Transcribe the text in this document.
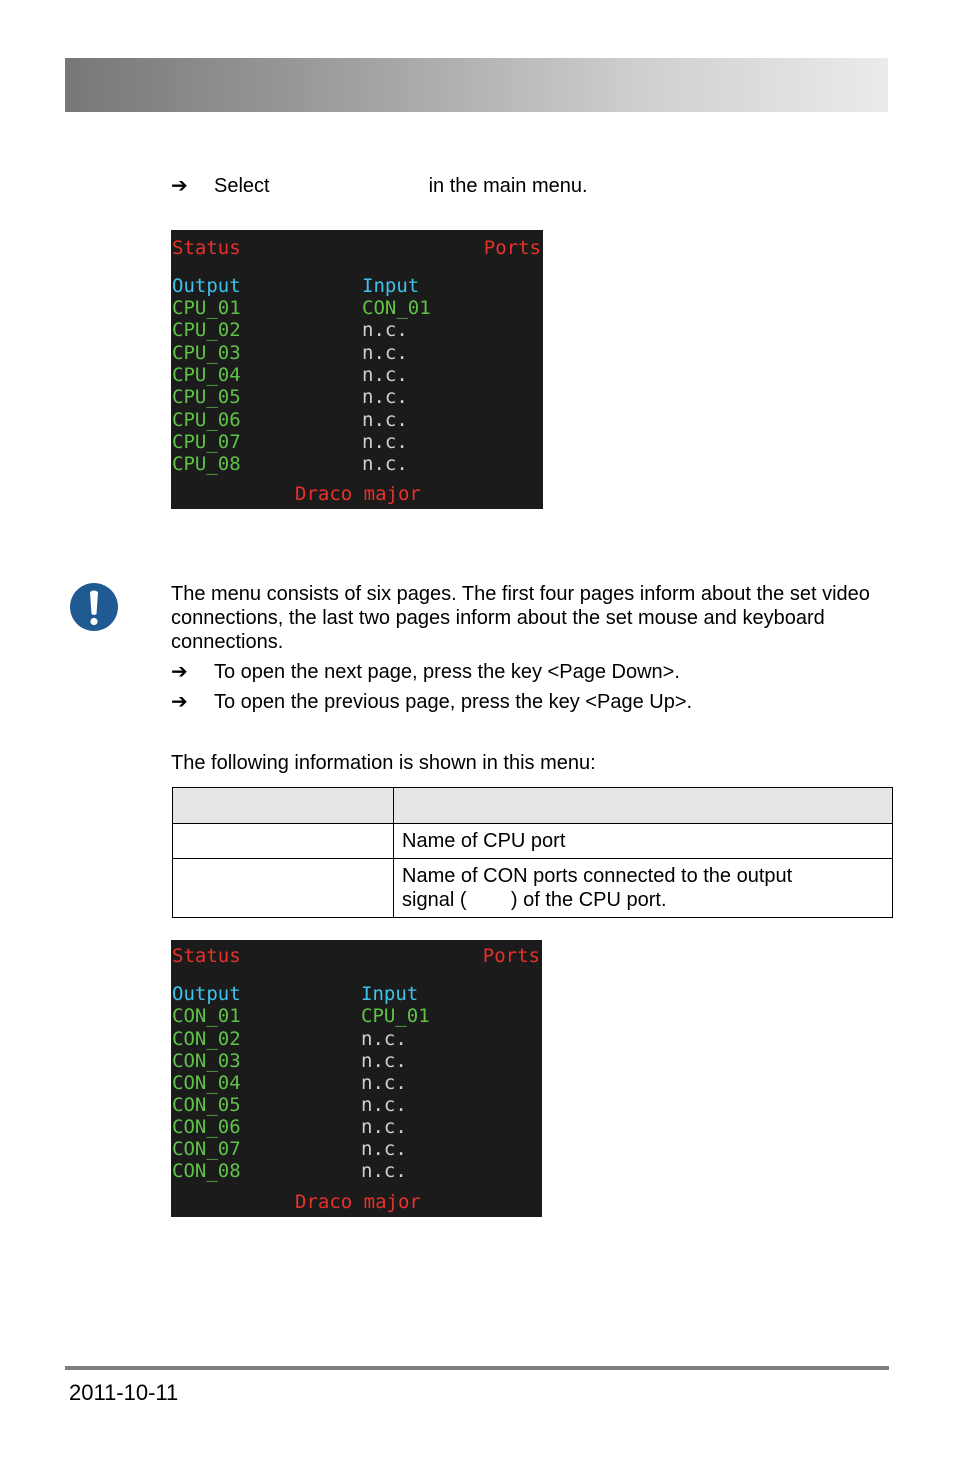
➔ Select	in the main menu.
Status	Ports
Output	Input
CPU_01	CON_01
CPU_02	n.c.
CPU_03	n.c.
CPU_04	n.c.
CPU_05	n.c.
CPU_06	n.c.
CPU_07	n.c.
CPU_08	n.c.
Draco major
The menu consists of six pages. The first four pages inform about the set video connections, the last two pages inform about the set mouse and keyboard connections.
➔ To open the next page, press the key <Page Down>.
➔ To open the previous page, press the key <Page Up>.
The following information is shown in this menu:

	Name of CPU port

	Name of CON ports connected to the output
signal (        ) of the CPU port.
Status	Ports
Output	Input
CON_01	CPU_01
CON_02	n.c.
CON_03	n.c.
CON_04	n.c.
CON_05	n.c.
CON_06	n.c.
CON_07	n.c.
CON_08	n.c.
Draco major
2011-10-11
